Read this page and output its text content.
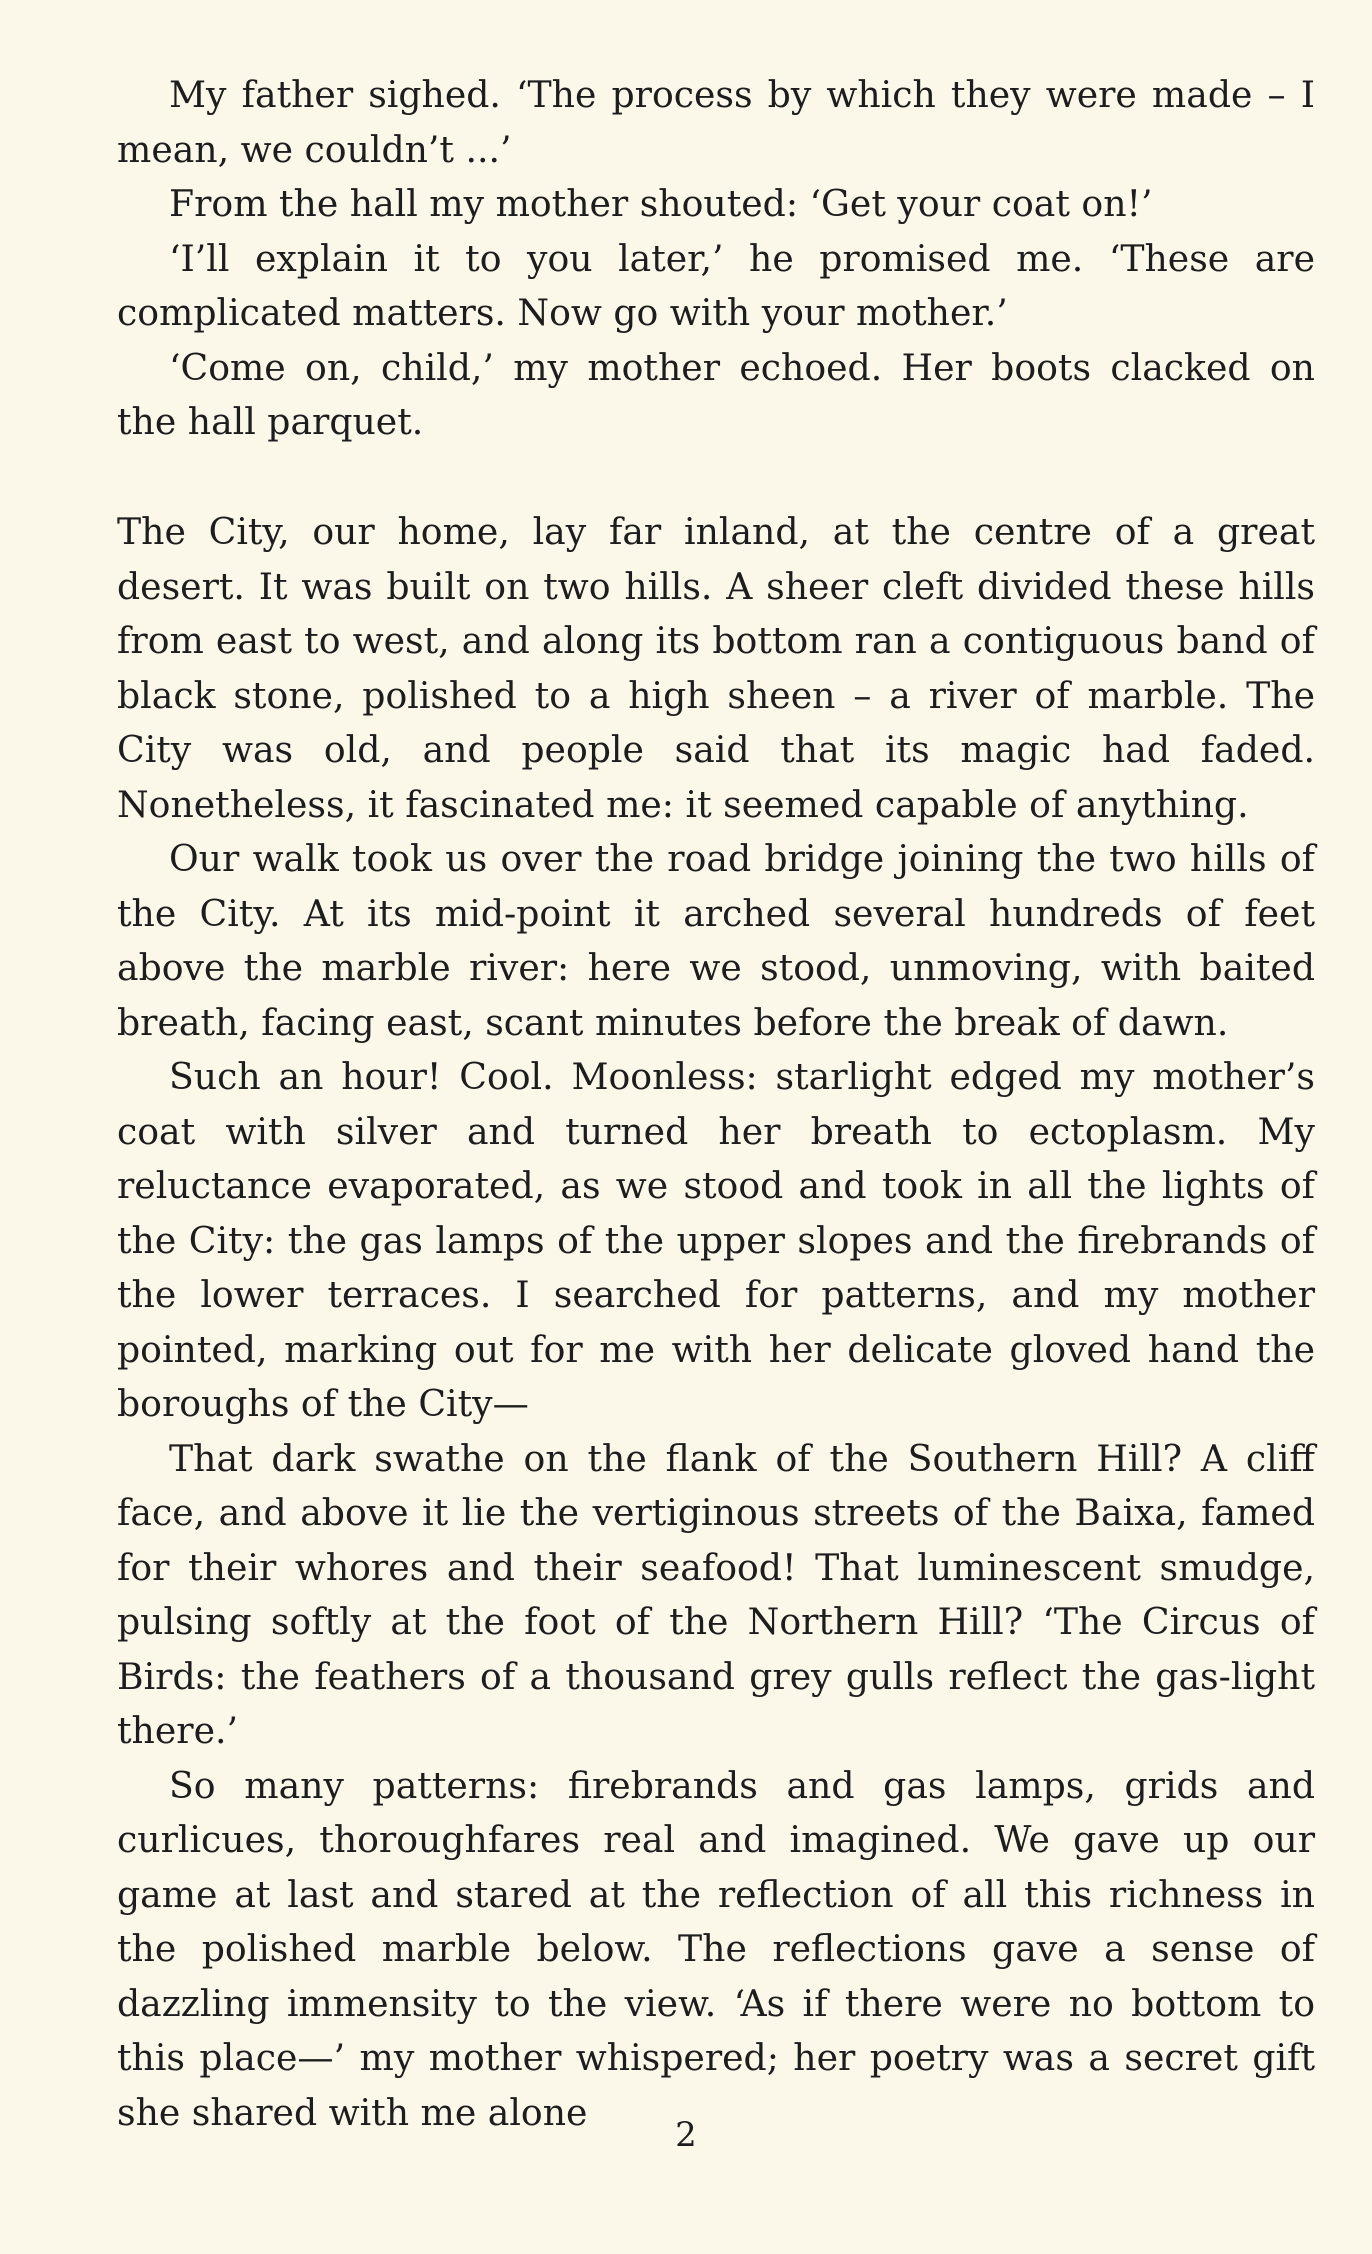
My father sighed. ‘The process by which they were made – I mean, we couldn’t ...’

From the hall my mother shouted: ‘Get your coat on!’

‘I’ll explain it to you later,’ he promised me. ‘These are complicated matters. Now go with your mother.’

‘Come on, child,’ my mother echoed. Her boots clacked on the hall parquet.

The City, our home, lay far inland, at the centre of a great desert. It was built on two hills. A sheer cleft divided these hills from east to west, and along its bottom ran a contiguous band of black stone, polished to a high sheen – a river of marble. The City was old, and people said that its magic had faded. Nonetheless, it fascinated me: it seemed capable of anything.

Our walk took us over the road bridge joining the two hills of the City. At its mid-point it arched several hundreds of feet above the marble river: here we stood, unmoving, with baited breath, facing east, scant minutes before the break of dawn.

Such an hour! Cool. Moonless: starlight edged my mother’s coat with silver and turned her breath to ectoplasm. My reluctance evaporated, as we stood and took in all the lights of the City: the gas lamps of the upper slopes and the firebrands of the lower terraces. I searched for patterns, and my mother pointed, marking out for me with her delicate gloved hand the boroughs of the City—

That dark swathe on the flank of the Southern Hill? A cliff face, and above it lie the vertiginous streets of the Baixa, famed for their whores and their seafood! That luminescent smudge, pulsing softly at the foot of the Northern Hill? ‘The Circus of Birds: the feathers of a thousand grey gulls reflect the gas-light there.’

So many patterns: firebrands and gas lamps, grids and curlicues, thoroughfares real and imagined. We gave up our game at last and stared at the reflection of all this richness in the polished marble below. The reflections gave a sense of dazzling immensity to the view. ‘As if there were no bottom to this place—’ my mother whispered; her poetry was a secret gift she shared with me alone

2
